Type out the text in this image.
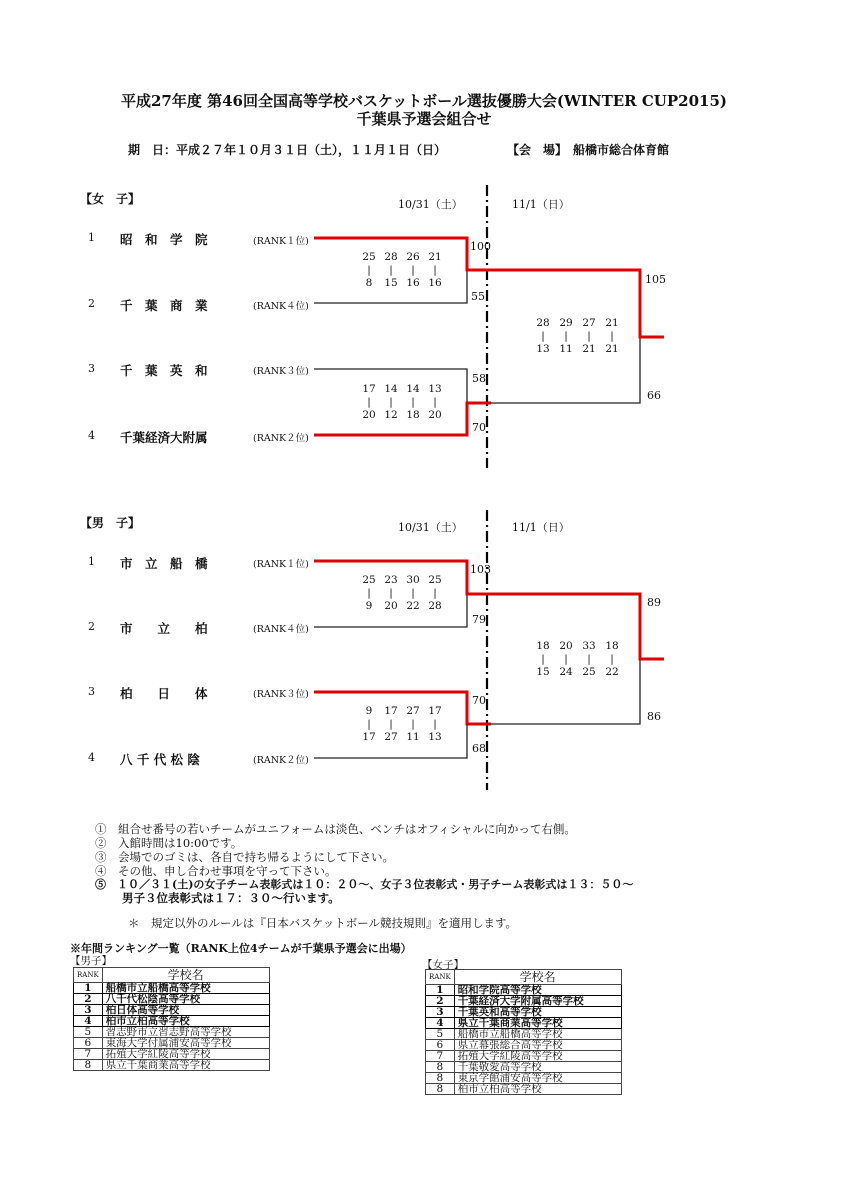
平成27年度 第46回全国高等学校バスケットボール選抜優勝大会(WINTER CUP2015)
千葉県予選会組合せ
期　日：平成２７年１０月３１日（土），１１月１日（日）	【会　場】　船橋市総合体育館
【女　子】	10/31（土）	11/1（日）
1 昭　和　学　院	(RANK１位)
2 千　葉　商　業	(RANK４位)
3 千　葉　英　和	(RANK３位)
4 千葉経済大附属	(RANK２位)
100
55
25 28 26 21
|	|	|	|
8	15 16 16
58
70
17 14 14 13
|	|	|	|
20 12 18 20
105
66
28 29 27 21
|	|	|	|
13 11 21 21
【男　子】	10/31（土）	11/1（日）
1 市　立　船　橋	(RANK１位)
2 市　　立　　柏	(RANK４位)
3 柏　　日　　体	(RANK３位)
4 八 千 代 松 陰	(RANK２位)
103
79
25 23 30 25
|	|	|	|
9	20 22 28
70
68
9	17 27 17
|	|	|	|
17 27 11 13
89
86
18 20 33 18
|	|	|	|
15 24 25 22
①　組合せ番号の若いチームがユニフォームは淡色、ベンチはオフィシャルに向かって右側。
②　入館時間は10:00です。
③　会場でのゴミは、各自で持ち帰るようにして下さい。
④　その他、申し合わせ事項を守って下さい。
⑤　１０／３１(土)の女子チーム表彰式は１０：２０～、女子３位表彰式・男子チーム表彰式は１３：５０～
男子３位表彰式は１７：３０～行います。
＊　規定以外のルールは『日本バスケットボール競技規則』を適用します。
※年間ランキング一覧（RANK上位4チームが千葉県予選会に出場）
【男子】	【女子】
RANK	学校名
1	船橋市立船橋高等学校
2	八千代松陰高等学校
3	柏日体高等学校
4	柏市立柏高等学校
5	習志野市立習志野高等学校
6	東海大学付属浦安高等学校
7	拓殖大学紅陵高等学校
8	県立千葉商業高等学校
RANK	学校名
1	昭和学院高等学校
2	千葉経済大学附属高等学校
3	千葉英和高等学校
4	県立千葉商業高等学校
5	船橋市立船橋高等学校
6	県立幕張総合高等学校
7	拓殖大学紅陵高等学校
8	千葉敬愛高等学校
8	東京学館浦安高等学校
8	柏市立柏高等学校
